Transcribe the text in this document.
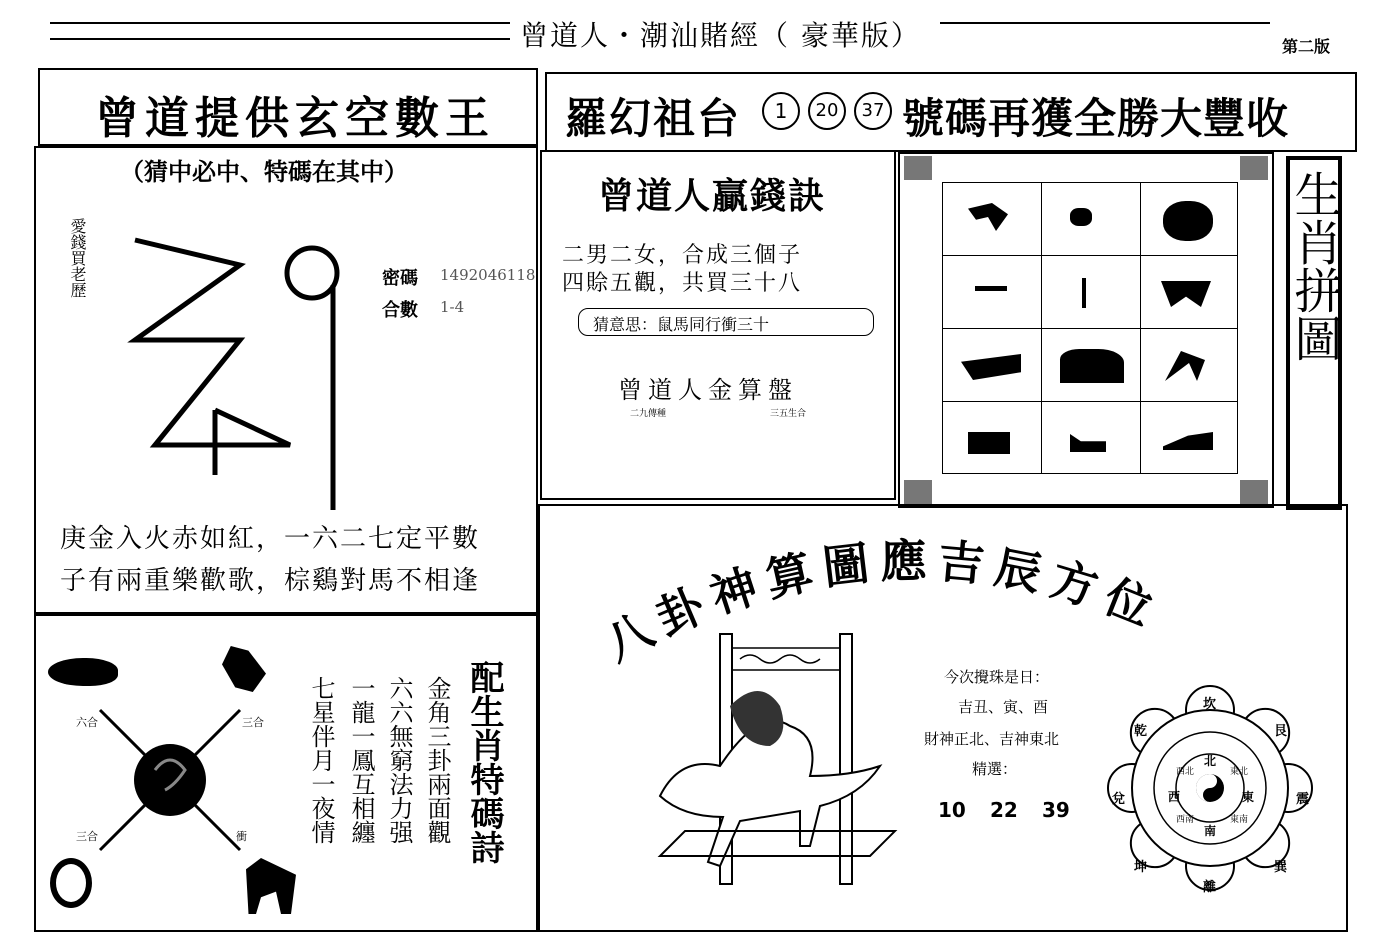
曾道人・潮汕賭經（ 豪華版）	第二版
曾道提供玄空數王
（猜中必中、特碼在其中）
愛錢買老歷	密碼 1492046118
合數 1-4
庚金入火赤如紅，一六二七定平數
子有兩重樂歡歌，棕鷄對馬不相逢
羅幻祖台	1	20	37 號碼再獲全勝大豐收
曾道人贏錢訣
二男二女，合成三個子
四賒五觀，共買三十八
猜意思：鼠馬同行衝三十
曾道人金算盤
二九傳種	三五生合
生肖拼圖
六合	三合
三合	衝	金角三卦兩面觀
六六無窮法力强
一龍一鳳互相纏
七星伴月一夜情	配生肖特碼詩
八卦神算圖應吉辰方位
今次攪珠是日：
吉丑、寅、酉
財神正北、吉神東北
精選：
10 22 39
坎
艮
震
巽
離
坤
兌
乾
北
東
南
西
東北
東南
西南
西北
